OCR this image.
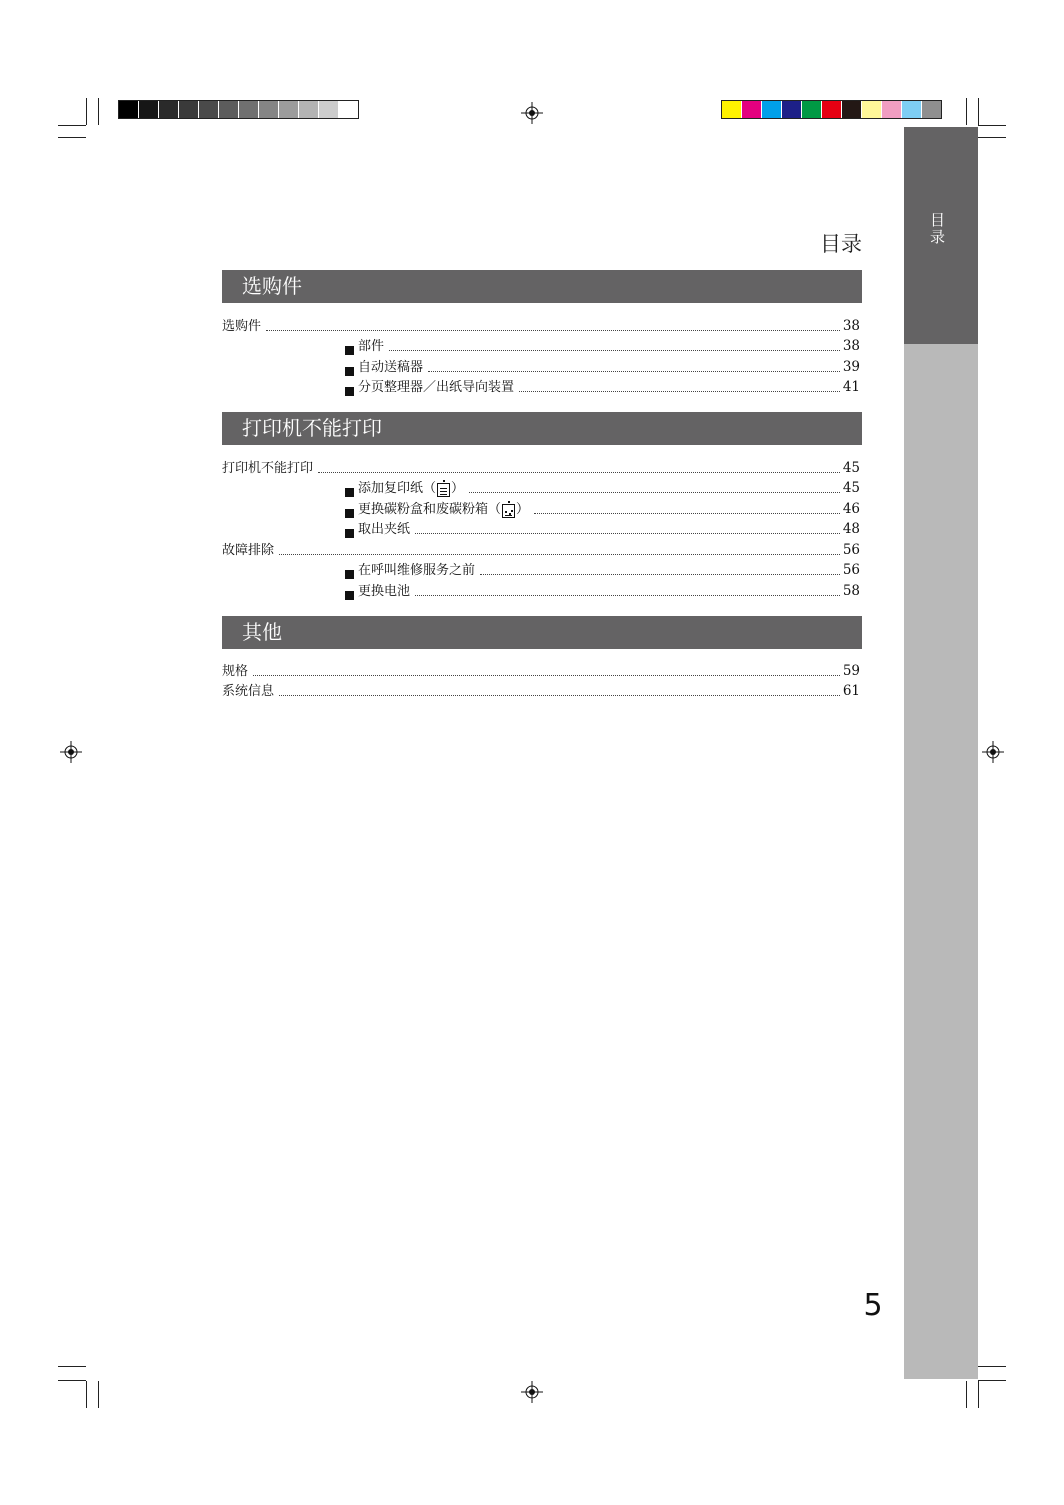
目录
目录
选购件
选购件	38
部件	38
自动送稿器	39
分页整理器／出纸导向装置	41
打印机不能打印
打印机不能打印	45
添加复印纸（ ）	45
更换碳粉盒和废碳粉箱（ ）	46
取出夹纸	48
故障排除	56
在呼叫维修服务之前	56
更换电池	58
其他
规格	59
系统信息	61
5
